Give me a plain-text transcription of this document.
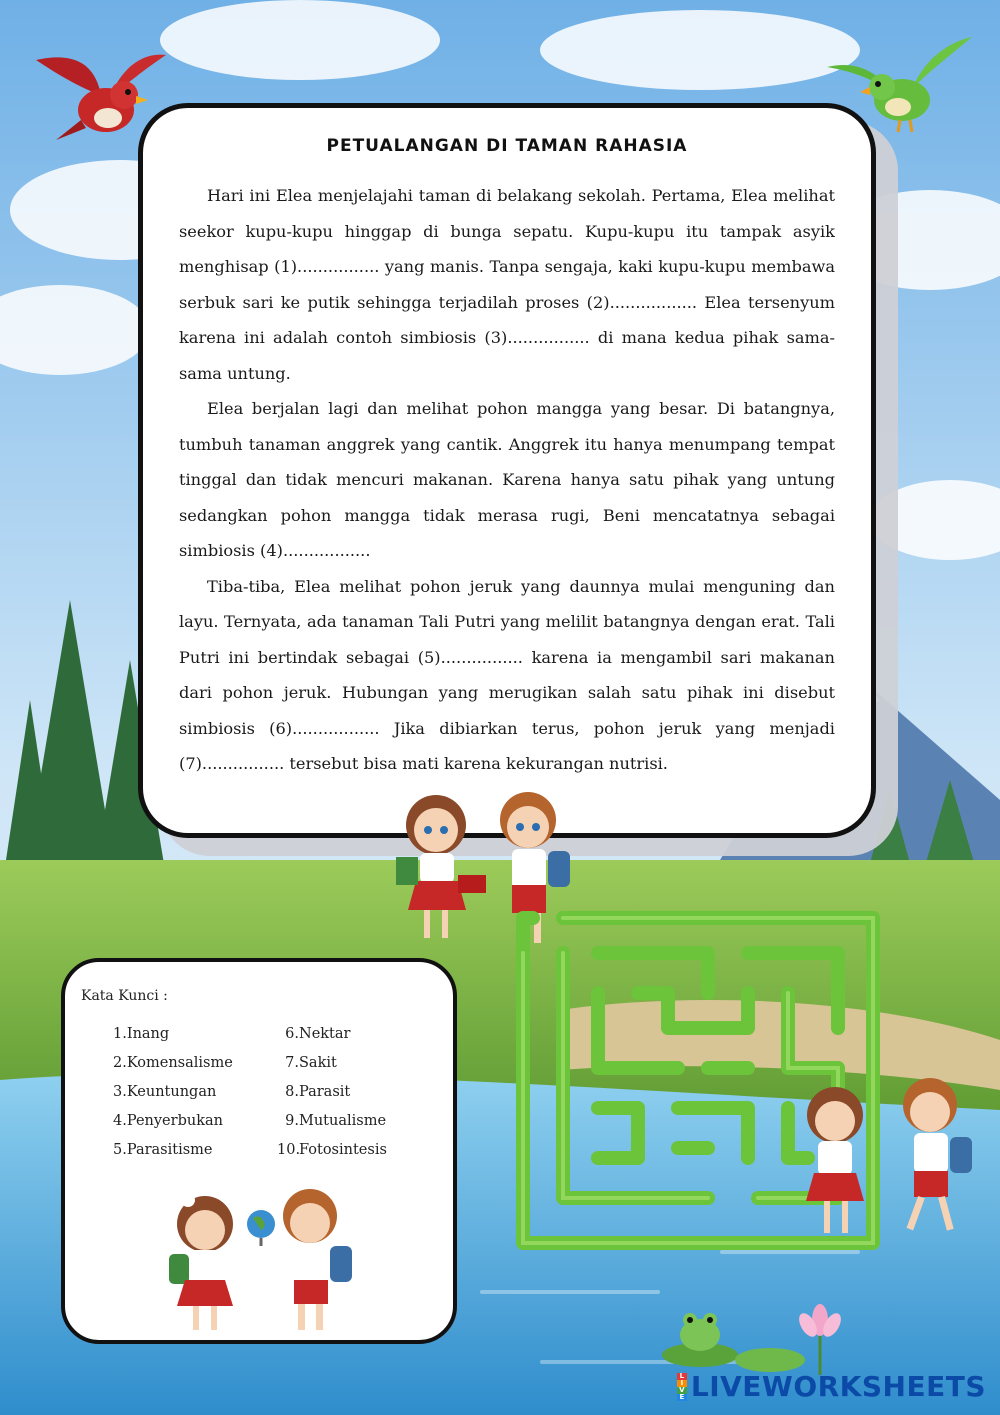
PETUALANGAN DI TAMAN RAHASIA

Hari ini Elea menjelajahi taman di belakang sekolah. Pertama, Elea melihat seekor kupu-kupu hinggap di bunga sepatu. Kupu-kupu itu tampak asyik menghisap (1)................ yang manis. Tanpa sengaja, kaki kupu-kupu membawa serbuk sari ke putik sehingga terjadilah proses (2)................. Elea tersenyum karena ini adalah contoh simbiosis (3)................ di mana kedua pihak sama-sama untung.

Elea berjalan lagi dan melihat pohon mangga yang besar. Di batangnya, tumbuh tanaman anggrek yang cantik. Anggrek itu hanya menumpang tempat tinggal dan tidak mencuri makanan. Karena hanya satu pihak yang untung sedangkan pohon mangga tidak merasa rugi, Beni mencatatnya sebagai simbiosis (4).................

Tiba-tiba, Elea melihat pohon jeruk yang daunnya mulai menguning dan layu. Ternyata, ada tanaman Tali Putri yang melilit batangnya dengan erat. Tali Putri ini bertindak sebagai (5)................ karena ia mengambil sari makanan dari pohon jeruk. Hubungan yang merugikan salah satu pihak ini disebut simbiosis (6)................. Jika dibiarkan terus, pohon jeruk yang menjadi (7)................ tersebut bisa mati karena kekurangan nutrisi.

Kata Kunci :
1.Inang
2.Komensalisme
3.Keuntungan
4.Penyerbukan
5.Parasitisme
6.Nektar
7.Sakit
8.Parasit
9.Mutualisme
10.Fotosintesis
L
I
V
E LIVEWORKSHEETS
